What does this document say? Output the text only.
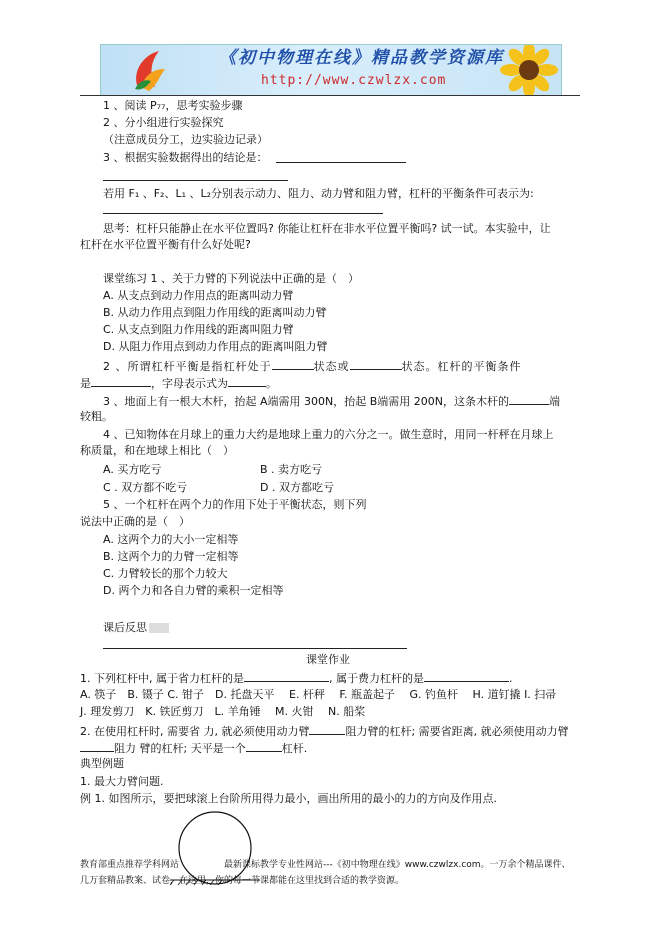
《初中物理在线》精品教学资源库
http://www.czwlzx.com
1 、阅读 P₇₇，思考实验步骤
2 、分小组进行实验探究
（注意成员分工，边实验边记录）
3 、根据实验数据得出的结论是：
若用 F₁ 、F₂、L₁ 、L₂分别表示动力、阻力、动力臂和阻力臂，杠杆的平衡条件可表示为:
思考：杠杆只能静止在水平位置吗? 你能让杠杆在非水平位置平衡吗? 试一试。本实验中，让
杠杆在水平位置平衡有什么好处呢?
课堂练习 1 、关于力臂的下列说法中正确的是（　）
A. 从支点到动力作用点的距离叫动力臂
B. 从动力作用点到阻力作用线的距离叫动力臂
C. 从支点到阻力作用线的距离叫阻力臂
D. 从阻力作用点到动力作用点的距离叫阻力臂
2 、所谓杠杆平衡是指杠杆处于	状态或	状态。杠杆的平衡条件
是	，字母表示式为	。
3 、地面上有一根大木杆，抬起 A端需用 300N，抬起 B端需用 200N，这条木杆的	端
较粗。
4 、已知物体在月球上的重力大约是地球上重力的六分之一。做生意时，用同一杆秤在月球上
称质量，和在地球上相比（　）
A. 买方吃亏	B . 卖方吃亏
C . 双方都不吃亏	D . 双方都吃亏
5 、一个杠杆在两个力的作用下处于平衡状态，则下列
说法中正确的是（　）
A. 这两个力的大小一定相等
B. 这两个力的力臂一定相等
C. 力臂较长的那个力较大
D. 两个力和各自力臂的乘积一定相等
课后反思
课堂作业
1. 下列杠杆中, 属于省力杠杆的是	, 属于费力杠杆的是	.
A. 筷子　B. 镊子 C. 钳子　D. 托盘天平　 E. 杆秤　 F. 瓶盖起子　 G. 钓鱼杆　 H. 道钉撬 I. 扫帚
J. 理发剪刀　K. 铁匠剪刀　L. 羊角锤　 M. 火钳　 N. 船桨
2. 在使用杠杆时, 需要省 力, 就必须使用动力臂	阻力臂的杠杆; 需要省距离, 就必须使用动力臂
阻力 臂的杠杆; 天平是一个	杠杆.
典型例题
1. 最大力臂问题.
例 1. 如图所示，要把球滚上台阶所用得力最小，画出所用的最小的力的方向及作用点.
教育部重点推荐学科网站　　　　　最新课标教学专业性网站---《初中物理在线》www.czwlzx.com。一万余个精品课件、
几万套精品教案、试卷，在这里，你的每一节课都能在这里找到合适的教学资源。
